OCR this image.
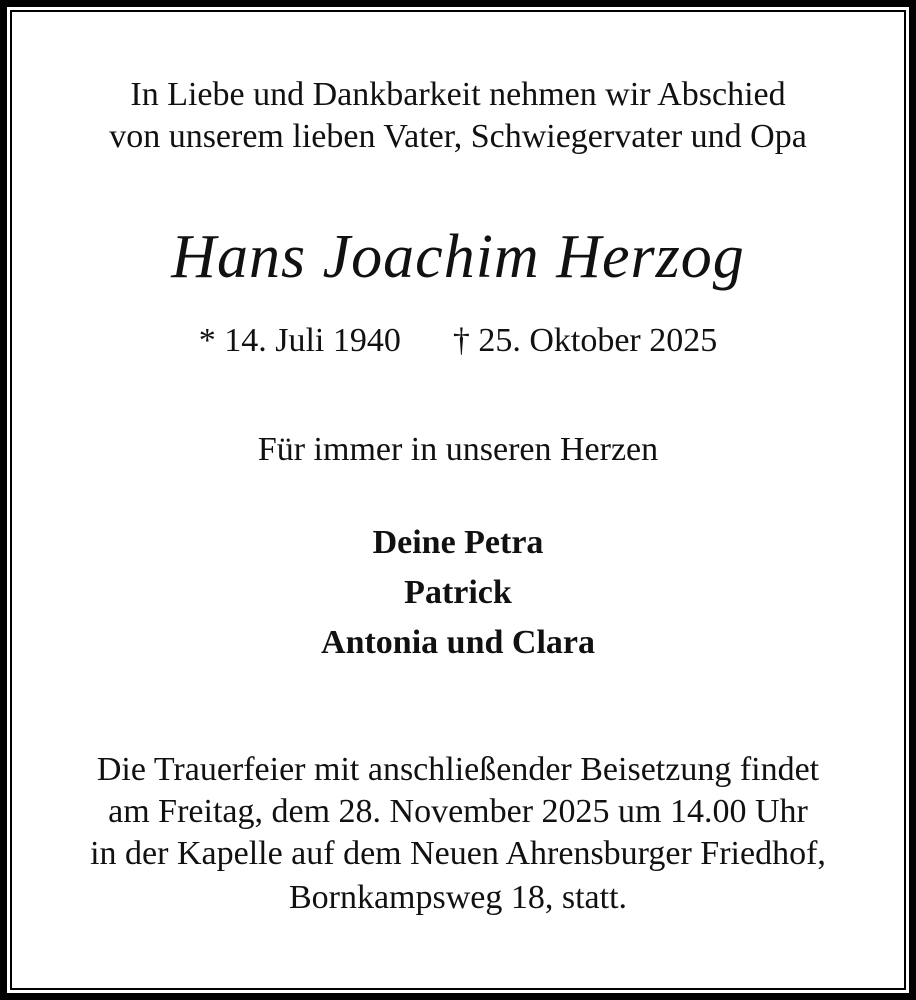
In Liebe und Dankbarkeit nehmen wir Abschied
von unserem lieben Vater, Schwiegervater und Opa
Hans Joachim Herzog
* 14. Juli 1940 † 25. Oktober 2025
Für immer in unseren Herzen
Deine Petra
Patrick
Antonia und Clara
Die Trauerfeier mit anschließender Beisetzung findet
am Freitag, dem 28. November 2025 um 14.00 Uhr
in der Kapelle auf dem Neuen Ahrensburger Friedhof,
Bornkampsweg 18, statt.
